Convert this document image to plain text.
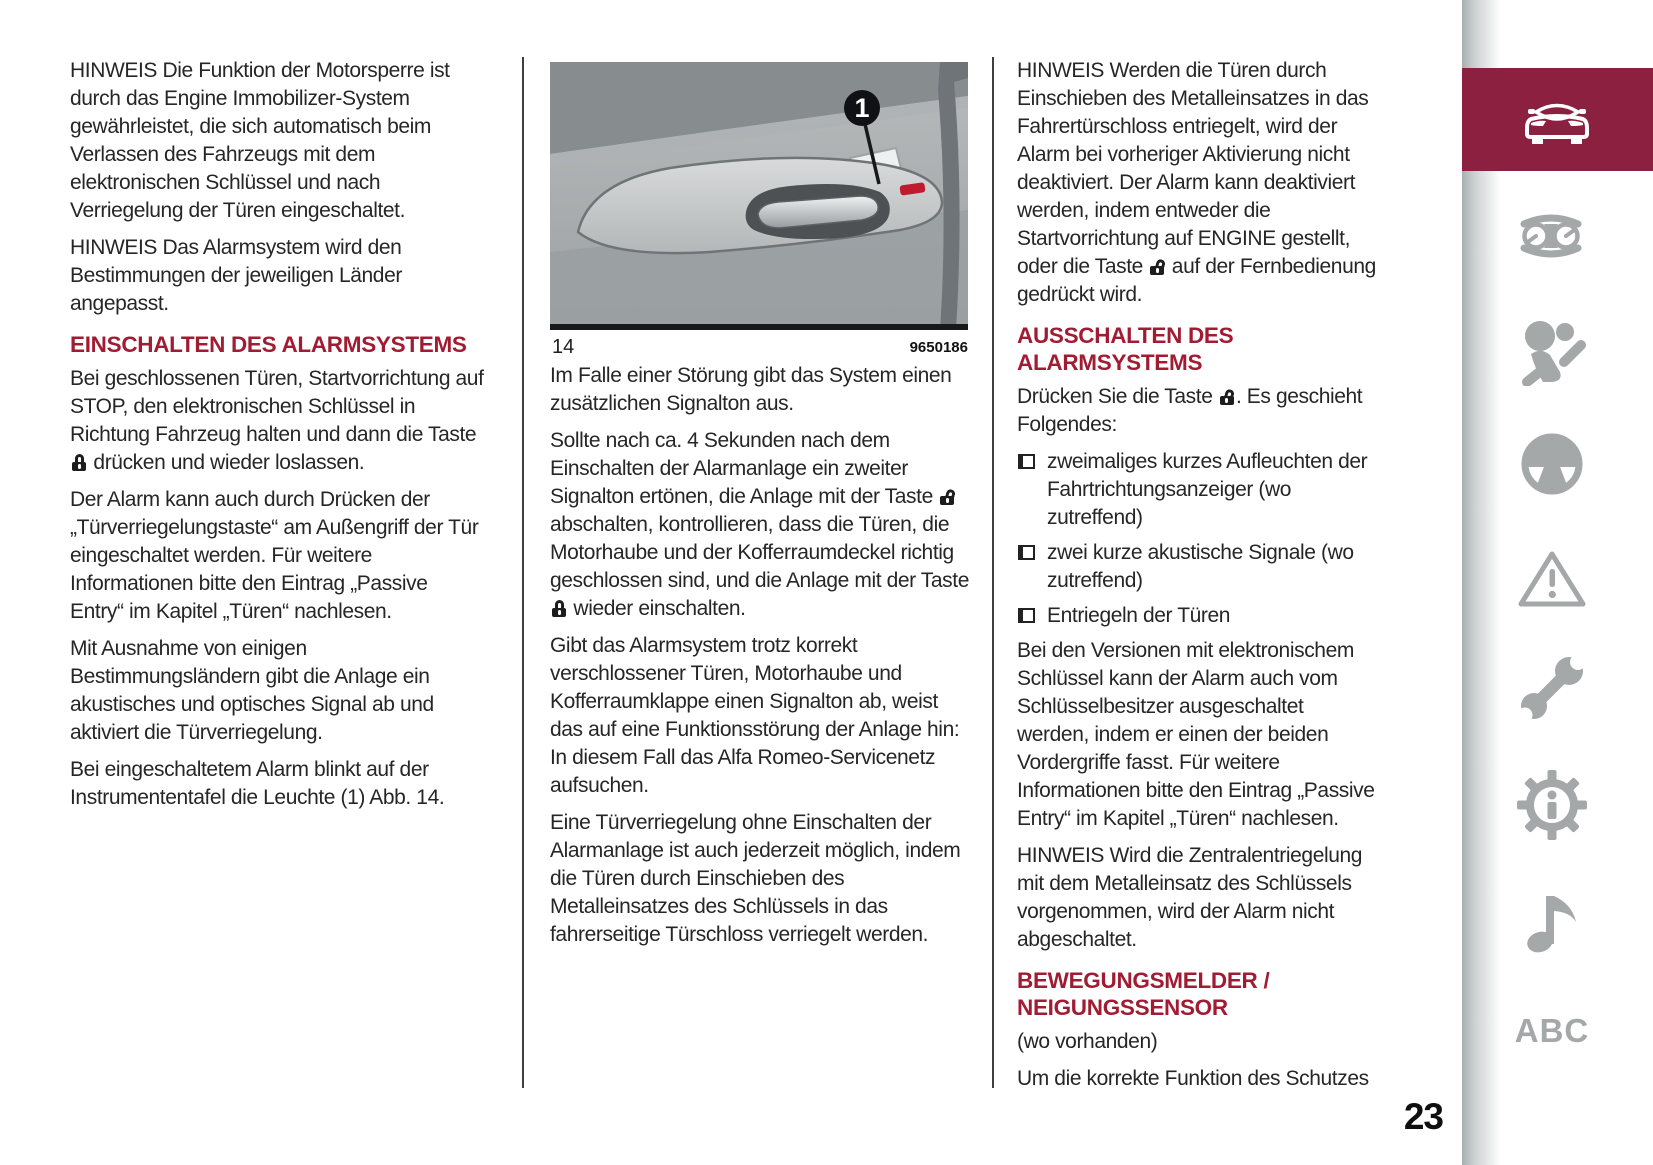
HINWEIS Die Funktion der Motorsperre ist durch das Engine Immobilizer-System gewährleistet, die sich automatisch beim Verlassen des Fahrzeugs mit dem elektronischen Schlüssel und nach Verriegelung der Türen eingeschaltet.

HINWEIS Das Alarmsystem wird den Bestimmungen der jeweiligen Länder angepasst.

EINSCHALTEN DES ALARMSYSTEMS

Bei geschlossenen Türen, Startvorrichtung auf STOP, den elektronischen Schlüssel in Richtung Fahrzeug halten und dann die Taste
drücken und wieder loslassen.

Der Alarm kann auch durch Drücken der „Türverriegelungstaste“ am Außengriff der Tür eingeschaltet werden. Für weitere Informationen bitte den Eintrag „Passive Entry“ im Kapitel „Türen“ nachlesen.

Mit Ausnahme von einigen Bestimmungsländern gibt die Anlage ein akustisches und optisches Signal ab und aktiviert die Türverriegelung.

Bei eingeschaltetem Alarm blinkt auf der Instrumententafel die Leuchte (1) Abb. 14.

1
14	9650186

Im Falle einer Störung gibt das System einen zusätzlichen Signalton aus.

Sollte nach ca. 4 Sekunden nach dem Einschalten der Alarmanlage ein zweiter Signalton ertönen, die Anlage mit der Taste
abschalten, kontrollieren, dass die Türen, die Motorhaube und der Kofferraumdeckel richtig geschlossen sind, und die Anlage mit der Taste
wieder einschalten.

Gibt das Alarmsystem trotz korrekt verschlossener Türen, Motorhaube und Kofferraumklappe einen Signalton ab, weist das auf eine Funktionsstörung der Anlage hin: In diesem Fall das Alfa Romeo-Servicenetz aufsuchen.

Eine Türverriegelung ohne Einschalten der Alarmanlage ist auch jederzeit möglich, indem die Türen durch Einschieben des Metalleinsatzes des Schlüssels in das fahrerseitige Türschloss verriegelt werden.

HINWEIS Werden die Türen durch Einschieben des Metalleinsatzes in das Fahrertürschloss entriegelt, wird der Alarm bei vorheriger Aktivierung nicht deaktiviert. Der Alarm kann deaktiviert werden, indem entweder die Startvorrichtung auf ENGINE gestellt, oder die Taste
auf der Fernbedienung gedrückt wird.

AUSSCHALTEN DES ALARMSYSTEMS

Drücken Sie die Taste
. Es geschieht Folgendes:

zweimaliges kurzes Aufleuchten der Fahrtrichtungsanzeiger (wo zutreffend)

zwei kurze akustische Signale (wo zutreffend)

Entriegeln der Türen

Bei den Versionen mit elektronischem Schlüssel kann der Alarm auch vom Schlüsselbesitzer ausgeschaltet werden, indem er einen der beiden Vordergriffe fasst. Für weitere Informationen bitte den Eintrag „Passive Entry“ im Kapitel „Türen“ nachlesen.

HINWEIS Wird die Zentralentriegelung mit dem Metalleinsatz des Schlüssels vorgenommen, wird der Alarm nicht abgeschaltet.

BEWEGUNGSMELDER / NEIGUNGSSENSOR

(wo vorhanden)

Um die korrekte Funktion des Schutzes

23
ABC
